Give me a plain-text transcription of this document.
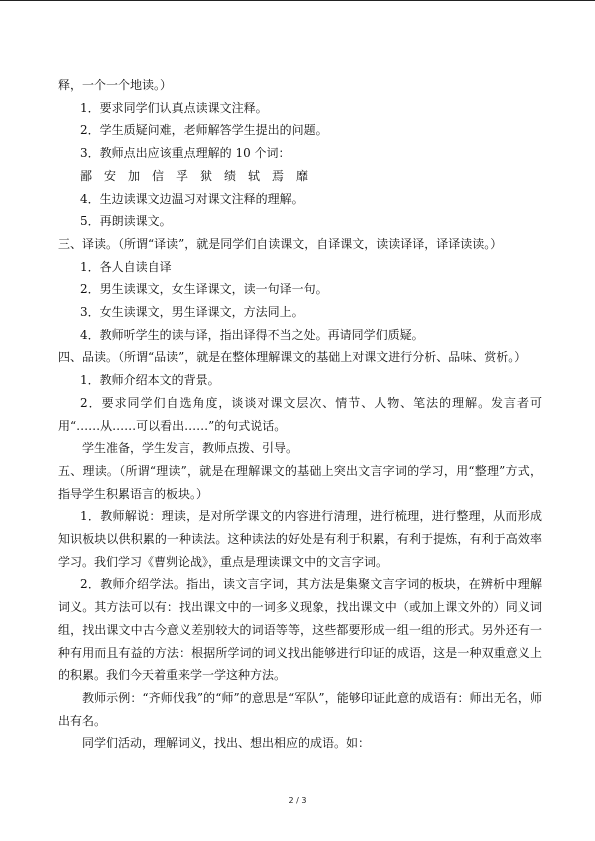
释，一个一个地读。）

1．要求同学们认真点读课文注释。

2．学生质疑问难，老师解答学生提出的问题。

3．教师点出应该重点理解的 10 个词：

鄙 安 加 信 孚 狱 绩 轼 焉 靡

4．生边读课文边温习对课文注释的理解。

5．再朗读课文。

三、译读。（所谓“译读”，就是同学们自读课文，自译课文，读读译译，译译读读。）

1．各人自读自译

2．男生读课文，女生译课文，读一句译一句。

3．女生读课文，男生译课文，方法同上。

4．教师听学生的读与译，指出译得不当之处。再请同学们质疑。

四、品读。（所谓“品读”，就是在整体理解课文的基础上对课文进行分析、品味、赏析。）

1．教师介绍本文的背景。

2．要求同学们自选角度，谈谈对课文层次、情节、人物、笔法的理解。发言者可用“……从……可以看出……”的句式说话。

学生准备，学生发言，教师点拨、引导。

五、理读。（所谓“理读”，就是在理解课文的基础上突出文言字词的学习，用“整理”方式，指导学生积累语言的板块。）

1．教师解说：理读，是对所学课文的内容进行清理，进行梳理，进行整理，从而形成知识板块以供积累的一种读法。这种读法的好处是有利于积累，有利于提炼，有利于高效率学习。我们学习《曹刿论战》，重点是理读课文中的文言字词。

2．教师介绍学法。指出，读文言字词，其方法是集聚文言字词的板块，在辨析中理解词义。其方法可以有：找出课文中的一词多义现象，找出课文中（或加上课文外的）同义词组，找出课文中古今意义差别较大的词语等等，这些都要形成一组一组的形式。另外还有一种有用而且有益的方法：根据所学词的词义找出能够进行印证的成语，这是一种双重意义上的积累。我们今天着重来学一学这种方法。

教师示例：“齐师伐我”的“师”的意思是“军队”，能够印证此意的成语有：师出无名，师出有名。

同学们活动，理解词义，找出、想出相应的成语。如：

2 / 3
